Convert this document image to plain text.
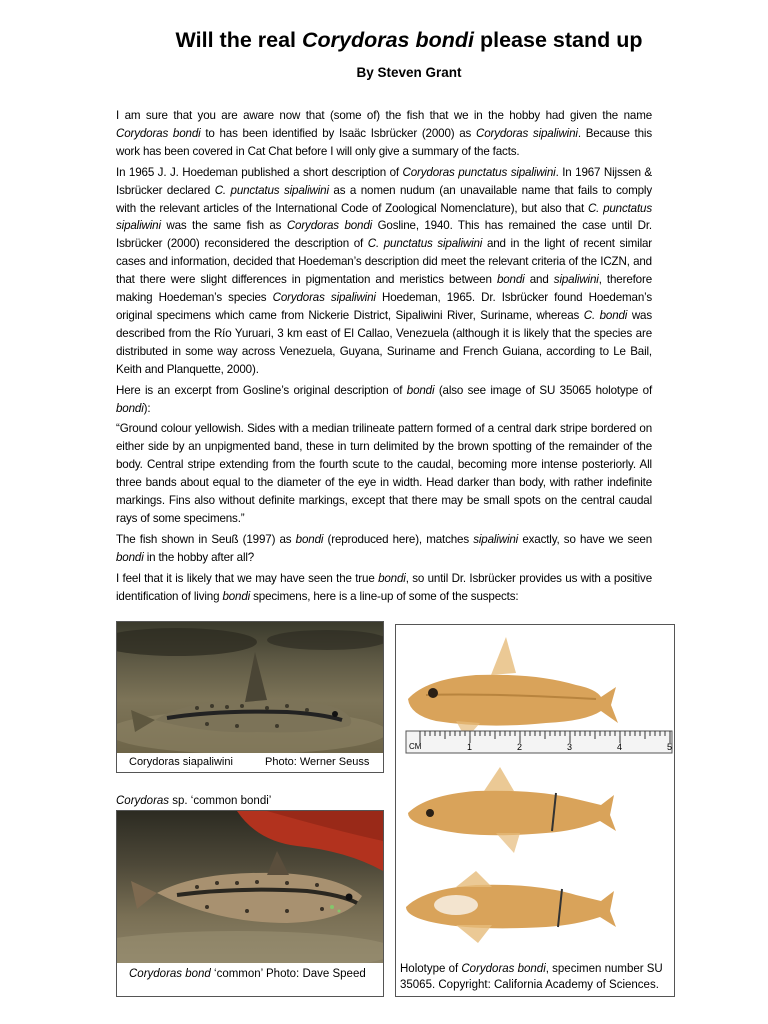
Will the real Corydoras bondi please stand up
By Steven Grant

I am sure that you are aware now that (some of) the fish that we in the hobby had given the name Corydoras bondi to has been identified by Isaäc Isbrücker (2000) as Corydoras sipaliwini. Because this work has been covered in Cat Chat before I will only give a summary of the facts.

In 1965 J. J. Hoedeman published a short description of Corydoras punctatus sipaliwini. In 1967 Nijssen & Isbrücker declared C. punctatus sipaliwini as a nomen nudum (an unavailable name that fails to comply with the relevant articles of the International Code of Zoological Nomenclature), but also that C. punctatus sipaliwini was the same fish as Corydoras bondi Gosline, 1940. This has remained the case until Dr. Isbrücker (2000) reconsidered the description of C. punctatus sipaliwini and in the light of recent similar cases and information, decided that Hoedeman’s description did meet the relevant criteria of the ICZN, and that there were slight differences in pigmentation and meristics between bondi and sipaliwini, therefore making Hoedeman’s species Corydoras sipaliwini Hoedeman, 1965. Dr. Isbrücker found Hoedeman’s original specimens which came from Nickerie District, Sipaliwini River, Suriname, whereas C. bondi was described from the Río Yuruari, 3 km east of El Callao, Venezuela (although it is likely that the species are distributed in some way across Venezuela, Guyana, Suriname and French Guiana, according to Le Bail, Keith and Planquette, 2000).

Here is an excerpt from Gosline’s original description of bondi (also see image of SU 35065 holotype of bondi):

“Ground colour yellowish. Sides with a median trilineate pattern formed of a central dark stripe bordered on either side by an unpigmented band, these in turn delimited by the brown spotting of the remainder of the body. Central stripe extending from the fourth scute to the caudal, becoming more intense posteriorly. All three bands about equal to the diameter of the eye in width. Head darker than body, with rather indefinite markings. Fins also without definite markings, except that there may be small spots on the central caudal rays of some specimens.”

The fish shown in Seuß (1997) as bondi (reproduced here), matches sipaliwini exactly, so have we seen bondi in the hobby after all?

I feel that it is likely that we may have seen the true bondi, so until Dr. Isbrücker provides us with a positive identification of living bondi specimens, here is a line-up of some of the suspects:

Corydoras siapaliwini	Photo: Werner Seuss
Corydoras sp. ‘common bondi’
Corydoras bond ‘common’ Photo: Dave Speed
CM	1	2	3	4	5
Holotype of Corydoras bondi, specimen number SU
35065. Copyright: California Academy of Sciences.
